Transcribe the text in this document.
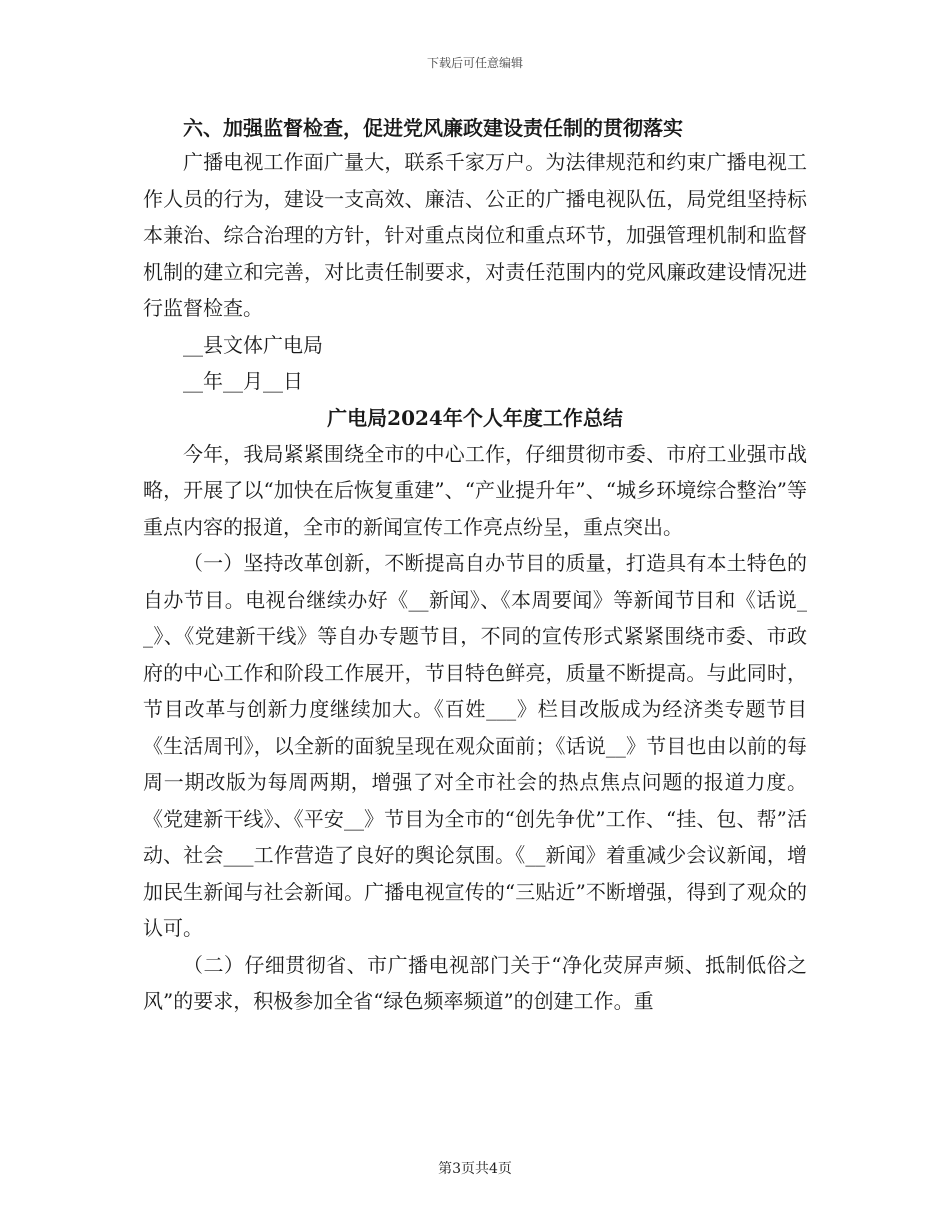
下载后可任意编辑

六、加强监督检查，促进党风廉政建设责任制的贯彻落实

广播电视工作面广量大，联系千家万户。为法律规范和约束广播电视工作人员的行为，建设一支高效、廉洁、公正的广播电视队伍，局党组坚持标本兼治、综合治理的方针，针对重点岗位和重点环节，加强管理机制和监督机制的建立和完善，对比责任制要求，对责任范围内的党风廉政建设情况进行监督检查。

__县文体广电局

__年__月__日

广电局2024年个人年度工作总结

今年，我局紧紧围绕全市的中心工作，仔细贯彻市委、市府工业强市战略，开展了以“加快在后恢复重建”、“产业提升年”、“城乡环境综合整治”等重点内容的报道，全市的新闻宣传工作亮点纷呈，重点突出。

（一）坚持改革创新，不断提高自办节目的质量，打造具有本土特色的自办节目。电视台继续办好《__新闻》、《本周要闻》等新闻节目和《话说__》、《党建新干线》等自办专题节目，不同的宣传形式紧紧围绕市委、市政府的中心工作和阶段工作展开，节目特色鲜亮，质量不断提高。与此同时，节目改革与创新力度继续加大。《百姓___》栏目改版成为经济类专题节目《生活周刊》，以全新的面貌呈现在观众面前；《话说__》节目也由以前的每周一期改版为每周两期，增强了对全市社会的热点焦点问题的报道力度。《党建新干线》、《平安__》节目为全市的“创先争优”工作、“挂、包、帮”活动、社会___工作营造了良好的舆论氛围。《__新闻》着重减少会议新闻，增加民生新闻与社会新闻。广播电视宣传的“三贴近”不断增强，得到了观众的认可。

（二）仔细贯彻省、市广播电视部门关于“净化荧屏声频、抵制低俗之风”的要求，积极参加全省“绿色频率频道”的创建工作。重

第3页共4页
